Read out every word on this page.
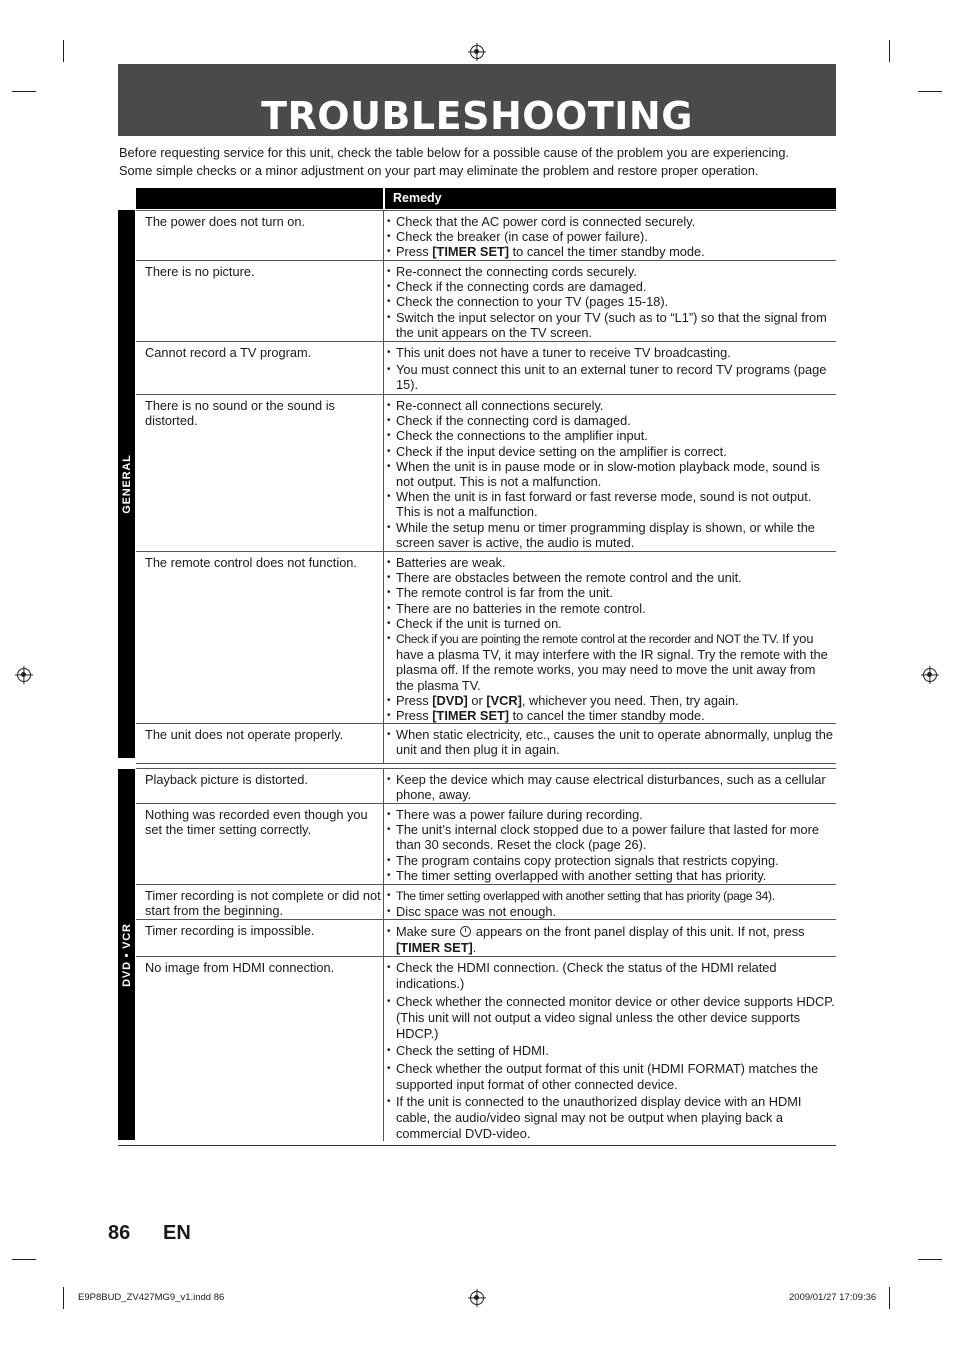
TROUBLESHOOTING

Before requesting service for this unit, check the table below for a possible cause of the problem you are experiencing.

Some simple checks or a minor adjustment on your part may eliminate the problem and restore proper operation.

Remedy
GENERAL
DVD • VCR
The power does not turn on.	• Check that the AC power cord is connected securely.
• Check the breaker (in case of power failure).
• Press [TIMER SET] to cancel the timer standby mode.
There is no picture.	• Re-connect the connecting cords securely.
• Check if the connecting cords are damaged.
• Check the connection to your TV (pages 15-18).
• Switch the input selector on your TV (such as to “L1”) so that the signal from the unit appears on the TV screen.
Cannot record a TV program.	• This unit does not have a tuner to receive TV broadcasting.
• You must connect this unit to an external tuner to record TV programs (page 15).
There is no sound or the sound is distorted.
• Re-connect all connections securely.
• Check if the connecting cord is damaged.
• Check the connections to the amplifier input.
• Check if the input device setting on the amplifier is correct.
• When the unit is in pause mode or in slow-motion playback mode, sound is not output. This is not a malfunction.
• When the unit is in fast forward or fast reverse mode, sound is not output. This is not a malfunction.
• While the setup menu or timer programming display is shown, or while the screen saver is active, the audio is muted.
The remote control does not function.	• Batteries are weak.
• There are obstacles between the remote control and the unit.
• The remote control is far from the unit.
• There are no batteries in the remote control.
• Check if the unit is turned on.
• Check if you are pointing the remote control at the recorder and NOT the TV. If you have a plasma TV, it may interfere with the IR signal. Try the remote with the plasma off. If the remote works, you may need to move the unit away from the plasma TV.
• Press [DVD] or [VCR], whichever you need. Then, try again.
• Press [TIMER SET] to cancel the timer standby mode.
The unit does not operate properly.	• When static electricity, etc., causes the unit to operate abnormally, unplug the unit and then plug it in again.
Playback picture is distorted.	• Keep the device which may cause electrical disturbances, such as a cellular phone, away.
Nothing was recorded even though you set the timer setting correctly.
• There was a power failure during recording.
• The unit’s internal clock stopped due to a power failure that lasted for more than 30 seconds. Reset the clock (page 26).
• The program contains copy protection signals that restricts copying.
• The timer setting overlapped with another setting that has priority.
Timer recording is not complete or did not start from the beginning.
• The timer setting overlapped with another setting that has priority (page 34).
• Disc space was not enough.
Timer recording is impossible.	• Make sure  appears on the front panel display of this unit. If not, press [TIMER SET].
No image from HDMI connection.	• Check the HDMI connection. (Check the status of the HDMI related indications.)
• Check whether the connected monitor device or other device supports HDCP. (This unit will not output a video signal unless the other device supports HDCP.)
• Check the setting of HDMI.
• Check whether the output format of this unit (HDMI FORMAT) matches the supported input format of other connected device.
• If the unit is connected to the unauthorized display device with an HDMI cable, the audio/video signal may not be output when playing back a commercial DVD-video.
86 EN
E9P8BUD_ZV427MG9_v1.indd 86	2009/01/27 17:09:36
